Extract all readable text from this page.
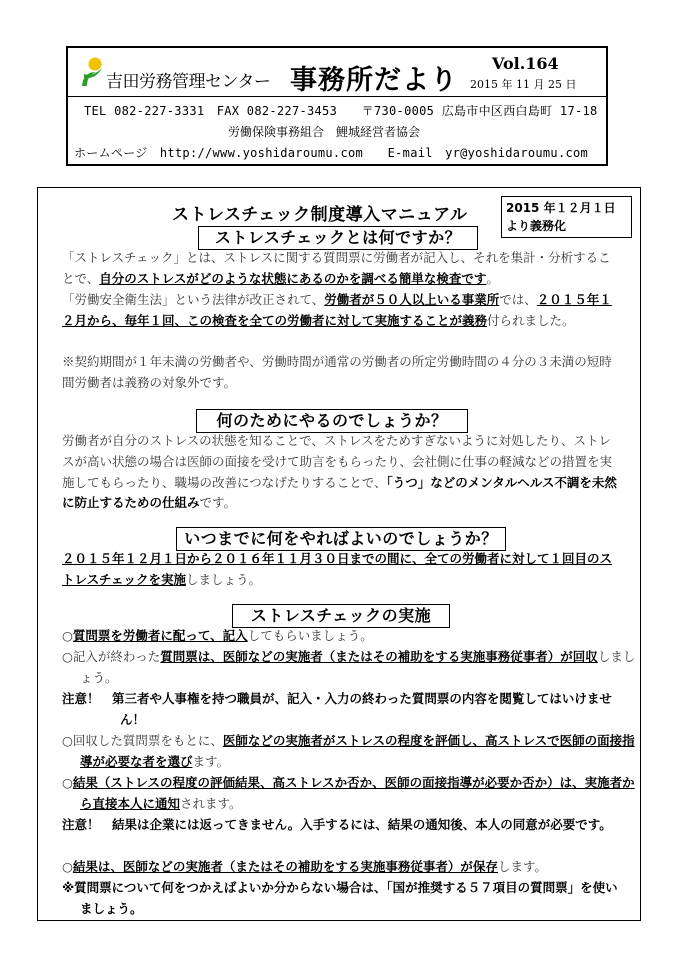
吉田労務管理センター 事務所だより
Vol.164
2015 年 11 月 25 日
TEL 082-227-3331　FAX 082-227-3453　　〒730-0005 広島市中区西白島町 17-18
労働保険事務組合　鯉城経営者協会
ホームページ　http://www.yoshidaroumu.com　　E-mail　yr@yoshidaroumu.com
ストレスチェック制度導入マニュアル	2015 年１２月１日
より義務化
ストレスチェックとは何ですか？
「ストレスチェック」とは、ストレスに関する質問票に労働者が記入し、それを集計・分析することで、自分のストレスがどのような状態にあるのかを調べる簡単な検査です。
「労働安全衛生法」という法律が改正されて、労働者が５０人以上いる事業所では、２０１５年１２月から、毎年１回、この検査を全ての労働者に対して実施することが義務付られました。
※契約期間が１年未満の労働者や、労働時間が通常の労働者の所定労働時間の４分の３未満の短時間労働者は義務の対象外です。
何のためにやるのでしょうか？
労働者が自分のストレスの状態を知ることで、ストレスをためすぎないように対処したり、ストレスが高い状態の場合は医師の面接を受けて助言をもらったり、会社側に仕事の軽減などの措置を実施してもらったり、職場の改善につなげたりすることで、「うつ」などのメンタルヘルス不調を未然に防止するための仕組みです。
いつまでに何をやればよいのでしょうか？
２０１５年１２月１日から２０１６年１１月３０日までの間に、全ての労働者に対して１回目のストレスチェックを実施しましょう。
ストレスチェックの実施
○質問票を労働者に配って、記入してもらいましょう。
○記入が終わった質問票は、医師などの実施者（またはその補助をする実施事務従事者）が回収しましょう。
注意！　第三者や人事権を持つ職員が、記入・入力の終わった質問票の内容を閲覧してはいけません！
○回収した質問票をもとに、医師などの実施者がストレスの程度を評価し、高ストレスで医師の面接指導が必要な者を選びます。
○結果（ストレスの程度の評価結果、高ストレスか否か、医師の面接指導が必要か否か）は、実施者から直接本人に通知されます。
注意！　結果は企業には返ってきません。入手するには、結果の通知後、本人の同意が必要です。
○結果は、医師などの実施者（またはその補助をする実施事務従事者）が保存します。
※質問票について何をつかえばよいか分からない場合は、「国が推奨する５７項目の質問票」を使いましょう。
